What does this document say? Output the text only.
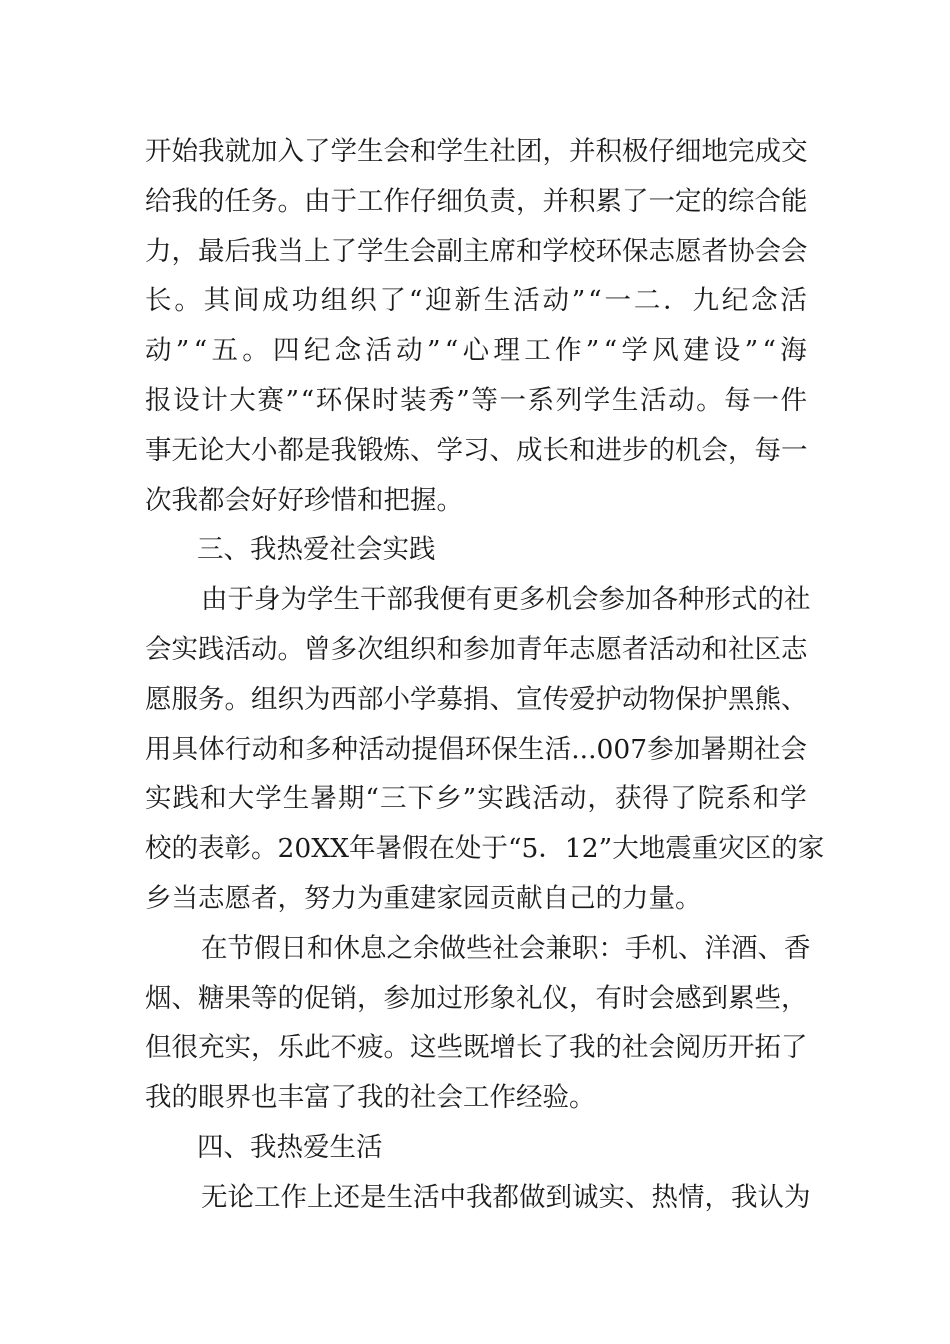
开 始 我 就 加 入 了 学 生 会 和 学 生 社 团 ， 并 积 极 仔 细 地 完 成 交
给 我 的 任 务 。 由 于 工 作 仔 细 负 责 ， 并 积 累 了 一 定 的 综 合 能
力 ， 最 后 我 当 上 了 学 生 会 副 主 席 和 学 校 环 保 志 愿 者 协 会 会
长 。 其 间 成 功 组 织 了 “ 迎 新 生 活 动 ” “ 一 二 ． 九 纪 念 活
动 ” “ 五 。 四 纪 念 活 动 ” “ 心 理 工 作 ” “ 学 风 建 设 ” “ 海
报 设 计 大 赛 ” “ 环 保 时 装 秀 ” 等 一 系 列 学 生 活 动 。 每 一 件
事 无 论 大 小 都 是 我 锻 炼 、 学 习 、 成 长 和 进 步 的 机 会 ， 每 一
次我都会好好珍惜和把握。
三、我热爱社会实践
由 于 身 为 学 生 干 部 我 便 有 更 多 机 会 参 加 各 种 形 式 的 社
会 实 践 活 动 。 曾 多 次 组 织 和 参 加 青 年 志 愿 者 活 动 和 社 区 志
愿 服 务 。 组 织 为 西 部 小 学 募 捐 、 宣 传 爱 护 动 物 保 护 黑 熊 、
用 具 体 行 动 和 多 种 活 动 提 倡 环 保 生 活 ...007 参 加 暑 期 社 会
实 践 和 大 学 生 暑 期 “ 三 下 乡 ” 实 践 活 动 ， 获 得 了 院 系 和 学
校 的 表 彰 。 20XX 年 暑 假 在 处 于 “ 5 ． 12 ” 大 地 震 重 灾 区 的 家
乡当志愿者，努力为重建家园贡献自己的力量。
在 节 假 日 和 休 息 之 余 做 些 社 会 兼 职 ： 手 机 、 洋 酒 、 香
烟 、 糖 果 等 的 促 销 ， 参 加 过 形 象 礼 仪 ， 有 时 会 感 到 累 些 ，
但 很 充 实 ， 乐 此 不 疲 。 这 些 既 增 长 了 我 的 社 会 阅 历 开 拓 了
我的眼界也丰富了我的社会工作经验。
四、我热爱生活
无 论 工 作 上 还 是 生 活 中 我 都 做 到 诚 实 、 热 情 ， 我 认 为
